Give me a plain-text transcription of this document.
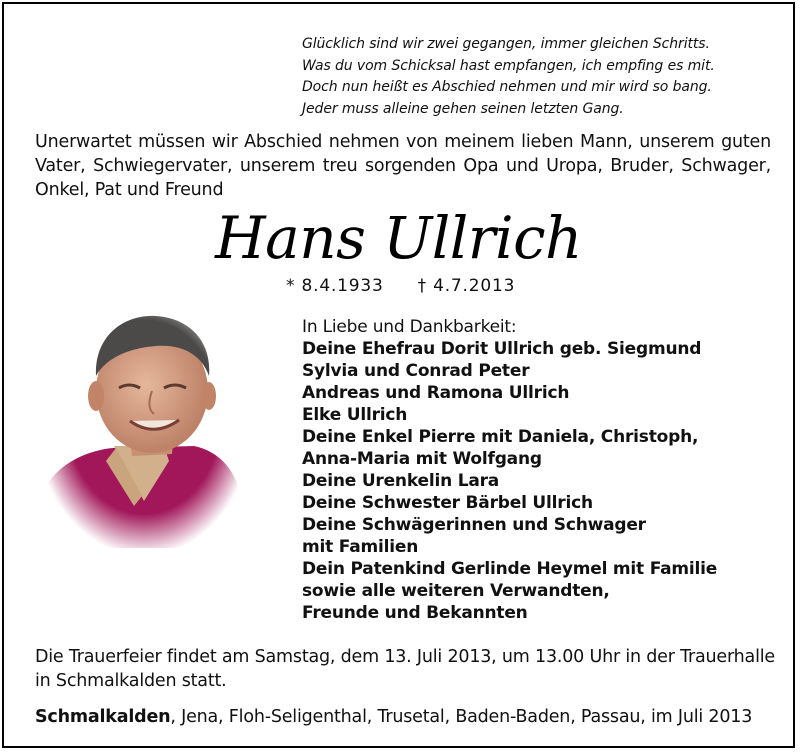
Glücklich sind wir zwei gegangen, immer gleichen Schritts.
Was du vom Schicksal hast empfangen, ich empfing es mit.
Doch nun heißt es Abschied nehmen und mir wird so bang.
Jeder muss alleine gehen seinen letzten Gang.
Unerwartet müssen wir Abschied nehmen von meinem lieben Mann, unserem guten
Vater, Schwiegervater, unserem treu sorgenden Opa und Uropa, Bruder, Schwager,
Onkel, Pat und Freund
Hans Ullrich
* 8.4.1933 † 4.7.2013
In Liebe und Dankbarkeit:
Deine Ehefrau Dorit Ullrich geb. Siegmund
Sylvia und Conrad Peter
Andreas und Ramona Ullrich
Elke Ullrich
Deine Enkel Pierre mit Daniela, Christoph,
Anna-Maria mit Wolfgang
Deine Urenkelin Lara
Deine Schwester Bärbel Ullrich
Deine Schwägerinnen und Schwager
mit Familien
Dein Patenkind Gerlinde Heymel mit Familie
sowie alle weiteren Verwandten,
Freunde und Bekannten
Die Trauerfeier findet am Samstag, dem 13. Juli 2013, um 13.00 Uhr in der Trauerhalle
in Schmalkalden statt.
Schmalkalden, Jena, Floh-Seligenthal, Trusetal, Baden-Baden, Passau, im Juli 2013
